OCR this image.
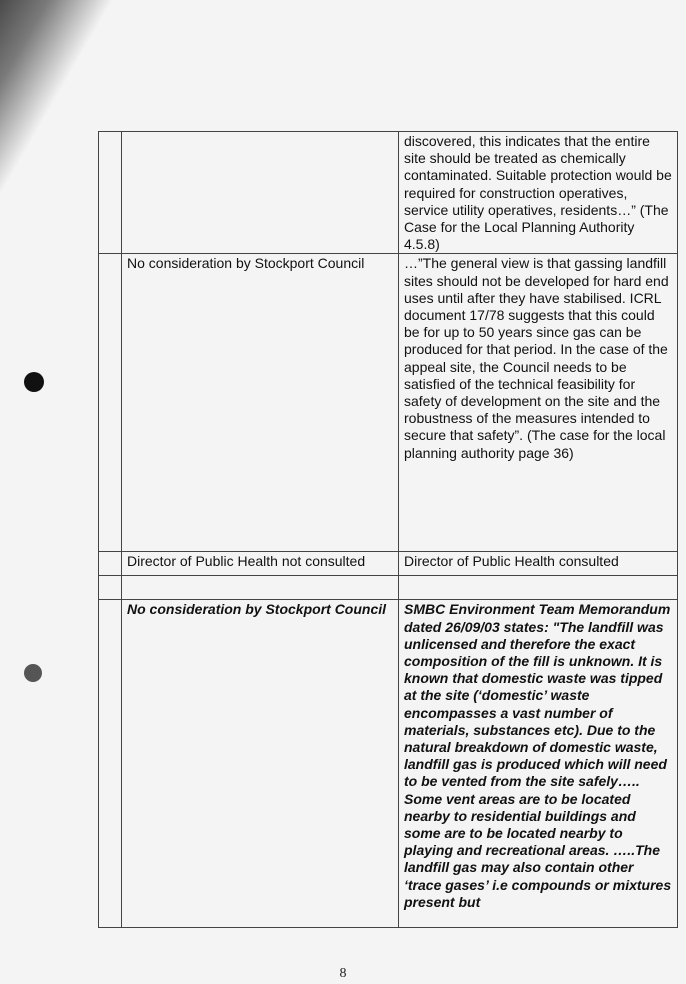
		discovered, this indicates that the entire site should be treated as chemically contaminated. Suitable protection would be required for construction operatives, service utility operatives, residents…” (The Case for the Local Planning Authority 4.5.8)
	No consideration by Stockport Council	…”The general view is that gassing landfill sites should not be developed for hard end uses until after they have stabilised. ICRL document 17/78 suggests that this could be for up to 50 years since gas can be produced for that period. In the case of the appeal site, the Council needs to be satisfied of the technical feasibility for safety of development on the site and the robustness of the measures intended to secure that safety”. (The case for the local planning authority page 36)
	Director of Public Health not consulted	Director of Public Health consulted

	No consideration by Stockport Council	SMBC Environment Team Memorandum dated 26/09/03 states: "The landfill was unlicensed and therefore the exact composition of the fill is unknown. It is known that domestic waste was tipped at the site (‘domestic’ waste encompasses a vast number of materials, substances etc). Due to the natural breakdown of domestic waste, landfill gas is produced which will need to be vented from the site safely….. Some vent areas are to be located nearby to residential buildings and some are to be located nearby to playing and recreational areas. …..The landfill gas may also contain other ‘trace gases’ i.e compounds or mixtures present but
8
